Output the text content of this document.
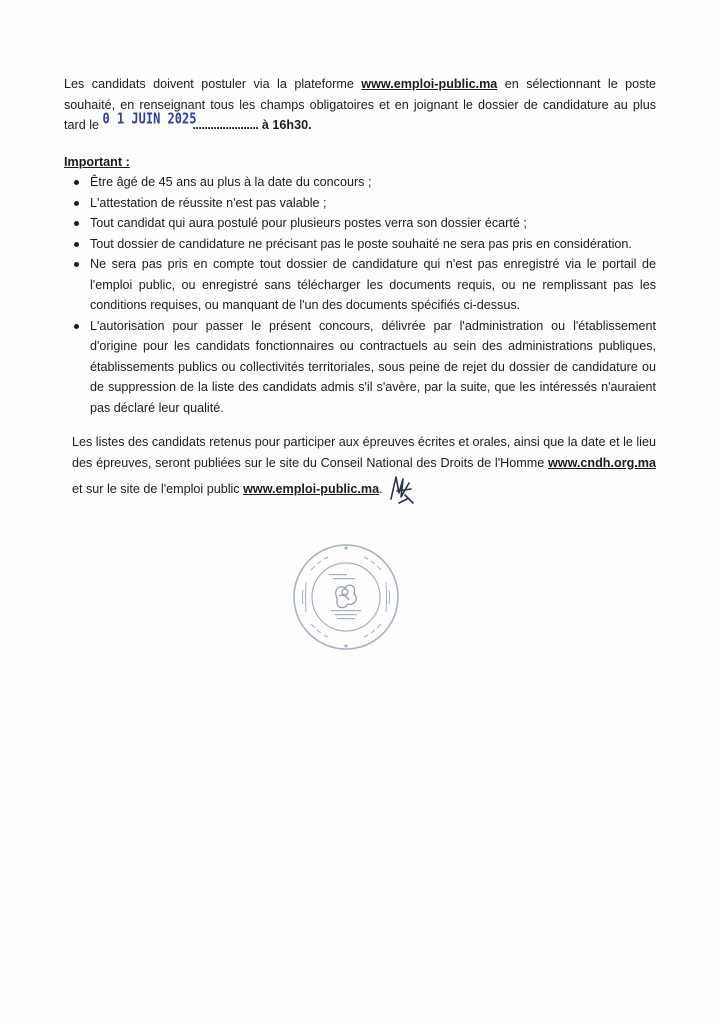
Les candidats doivent postuler via la plateforme www.emploi-public.ma en sélectionnant le poste souhaité, en renseignant tous les champs obligatoires et en joignant le dossier de candidature au plus tard le 0 1 JUIN 2025...................... à 16h30.

Important :
Être âgé de 45 ans au plus à la date du concours ;
L'attestation de réussite n'est pas valable ;
Tout candidat qui aura postulé pour plusieurs postes verra son dossier écarté ;
Tout dossier de candidature ne précisant pas le poste souhaité ne sera pas pris en considération.
Ne sera pas pris en compte tout dossier de candidature qui n'est pas enregistré via le portail de l'emploi public, ou enregistré sans télécharger les documents requis, ou ne remplissant pas les conditions requises, ou manquant de l'un des documents spécifiés ci-dessus.
L'autorisation pour passer le présent concours, délivrée par l'administration ou l'établissement d'origine pour les candidats fonctionnaires ou contractuels au sein des administrations publiques, établissements publics ou collectivités territoriales, sous peine de rejet du dossier de candidature ou de suppression de la liste des candidats admis s'il s'avère, par la suite, que les intéressés n'auraient pas déclaré leur qualité.

Les listes des candidats retenus pour participer aux épreuves écrites et orales, ainsi que la date et le lieu des épreuves, seront publiées sur le site du Conseil National des Droits de l'Homme www.cndh.org.ma et sur le site de l'emploi public www.emploi-public.ma.
